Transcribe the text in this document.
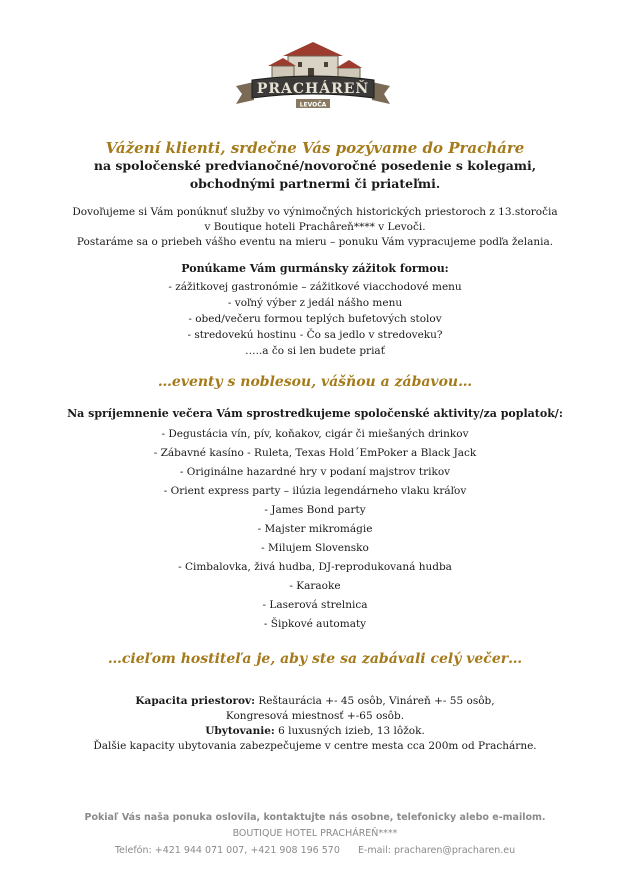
PRACHÁREŇ
LEVOČA
Vážení klienti, srdečne Vás pozývame do Pracháre
na spoločenské predvianočné/novoročné posedenie s kolegami,
obchodnými partnermi či priateľmi.
Dovoľujeme si Vám ponúknuť služby vo výnimočných historických priestoroch z 13.storočia
v Boutique hoteli Prachâreň**** v Levoči.
Postaráme sa o priebeh vášho eventu na mieru – ponuku Vám vypracujeme podľa želania.
Ponúkame Vám gurmánsky zážitok formou:
- zážitkovej gastronómie – zážitkové viacchodové menu
- voľný výber z jedál nášho menu
- obed/večeru formou teplých bufetových stolov
- stredovekú hostinu - Čo sa jedlo v stredoveku?
…..a čo si len budete priať
…eventy s noblesou, vášňou a zábavou…
Na spríjemnenie večera Vám sprostredkujeme spoločenské aktivity/za poplatok/:
- Degustácia vín, pív, koňakov, cigár či miešaných drinkov
- Zábavné kasíno - Ruleta, Texas Hold´EmPoker a Black Jack
- Originálne hazardné hry v podaní majstrov trikov
- Orient express party – ilúzia legendárneho vlaku kráľov
- James Bond party
- Majster mikromágie
- Milujem Slovensko
- Cimbalovka, živá hudba, DJ-reprodukovaná hudba
- Karaoke
- Laserová strelnica
- Šipkové automaty
…cieľom hostiteľa je, aby ste sa zabávali celý večer…
Kapacita priestorov: Reštaurácia +- 45 osôb, Vináreň +- 55 osôb,
Kongresová miestnosť +-65 osôb.
Ubytovanie: 6 luxusných izieb, 13 lôžok.
Ďalšie kapacity ubytovania zabezpečujeme v centre mesta cca 200m od Prachárne.
Pokiaľ Vás naša ponuka oslovila, kontaktujte nás osobne, telefonicky alebo e-mailom.
BOUTIQUE HOTEL PRACHÁREŇ****
Telefón: +421 944 071 007, +421 908 196 570 E-mail: pracharen@pracharen.eu
